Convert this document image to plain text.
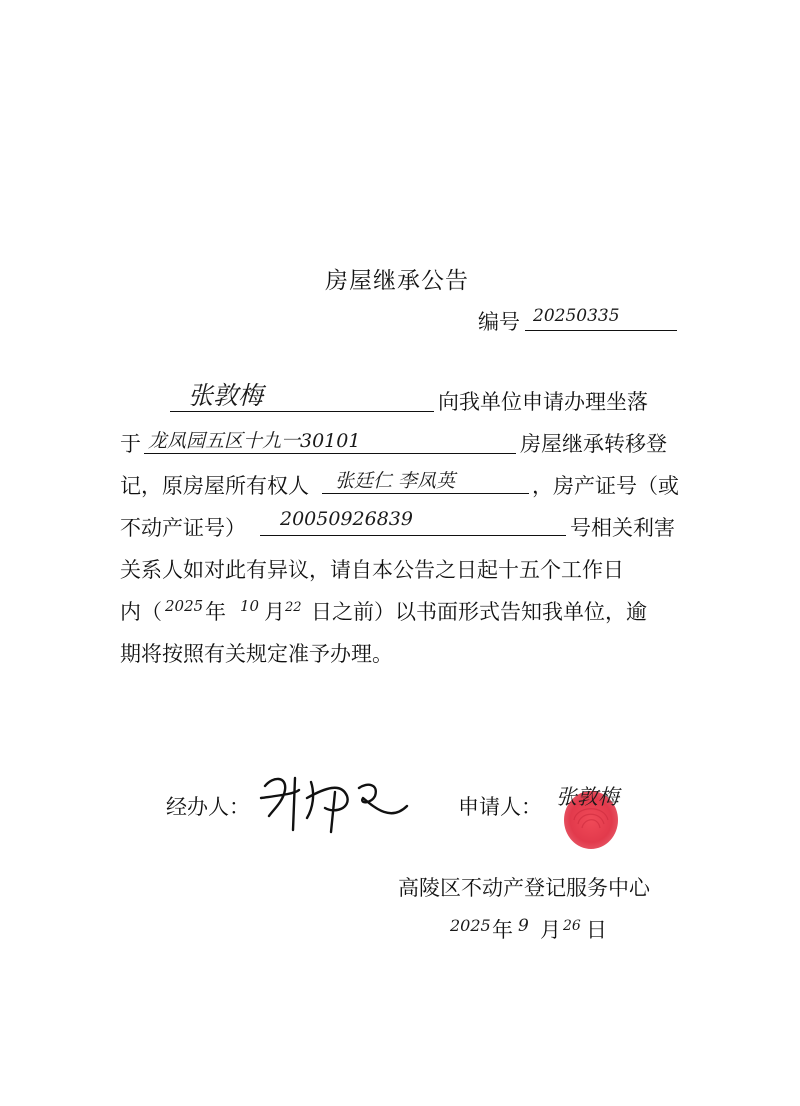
房屋继承公告
编号 20250335
张敦梅	向我单位申请办理坐落
于 龙凤园五区十九一30101	房屋继承转移登
记，原房屋所有权人 张廷仁 李凤英	，房产证号（或
不动产证号） 20050926839	号相关利害
关系人如对此有异议，请自本公告之日起十五个工作日
内（ 2025 年 10 月 22 日之前）以书面形式告知我单位，逾
期将按照有关规定准予办理。
经办人：	申请人： 张敦梅
高陵区不动产登记服务中心
2025 年 9 月 26 日
